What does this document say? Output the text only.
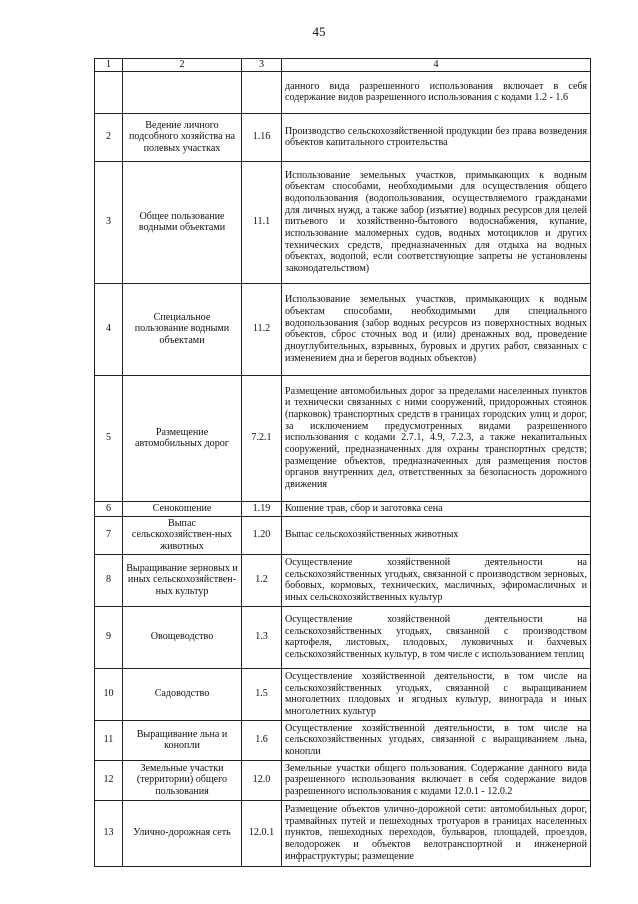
45
1	2	3	4
			данного вида разрешенного использования включает в себя содержание видов разрешенного использования с кодами 1.2 - 1.6
2	Ведение личного подсобного хозяйства на полевых участках	1.16	Производство сельскохозяйственной продукции без права возведения объектов капитального строительства
3	Общее пользование водными объектами	11.1	Использование земельных участков, примыкающих к водным объектам способами, необходимыми для осуществления общего водопользования (водопользования, осуществляемого гражданами для личных нужд, а также забор (изъятие) водных ресурсов для целей питьевого и хозяйственно-бытового водоснабжения, купание, использование маломерных судов, водных мотоциклов и других технических средств, предназначенных для отдыха на водных объектах, водопой, если соответствующие запреты не установлены законодательством)
4	Специальное пользование водными объектами	11.2	Использование земельных участков, примыкающих к водным объектам способами, необходимыми для специального водопользования (забор водных ресурсов из поверхностных водных объектов, сброс сточных вод и (или) дренажных вод, проведение дноуглубительных, взрывных, буровых и других работ, связанных с изменением дна и берегов водных объектов)
5	Размещение автомобильных дорог	7.2.1	Размещение автомобильных дорог за пределами населенных пунктов и технически связанных с ними сооружений, придорожных стоянок (парковок) транспортных средств в границах городских улиц и дорог, за исключением предусмотренных видами разрешенного использования с кодами 2.7.1, 4.9, 7.2.3, а также некапитальных сооружений, предназначенных для охраны транспортных средств; размещение объектов, предназначенных для размещения постов органов внутренних дел, ответственных за безопасность дорожного движения
6	Сенокошение	1.19	Кошение трав, сбор и заготовка сена
7	Выпас сельскохозяйствен-ных животных	1.20	Выпас сельскохозяйственных животных
8	Выращивание зерновых и иных сельскохозяйствен-ных культур	1.2	Осуществление хозяйственной деятельности на сельскохозяйственных угодьях, связанной с производством зерновых, бобовых, кормовых, технических, масличных, эфиромасличных и иных сельскохозяйственных культур
9	Овощеводство	1.3	Осуществление хозяйственной деятельности на сельскохозяйственных угодьях, связанной с производством картофеля, листовых, плодовых, луковичных и бахчевых сельскохозяйственных культур, в том числе с использованием теплиц
10	Садоводство	1.5	Осуществление хозяйственной деятельности, в том числе на сельскохозяйственных угодьях, связанной с выращиванием многолетних плодовых и ягодных культур, винограда и иных многолетних культур
11	Выращивание льна и конопли	1.6	Осуществление хозяйственной деятельности, в том числе на сельскохозяйственных угодьях, связанной с выращиванием льна, конопли
12	Земельные участки (территории) общего пользования	12.0	Земельные участки общего пользования. Содержание данного вида разрешенного использования включает в себя содержание видов разрешенного использования с кодами 12.0.1 - 12.0.2
13	Улично-дорожная сеть	12.0.1	Размещение объектов улично-дорожной сети: автомобильных дорог, трамвайных путей и пешеходных тротуаров в границах населенных пунктов, пешеходных переходов, бульваров, площадей, проездов, велодорожек и объектов велотранспортной и инженерной инфраструктуры; размещение
